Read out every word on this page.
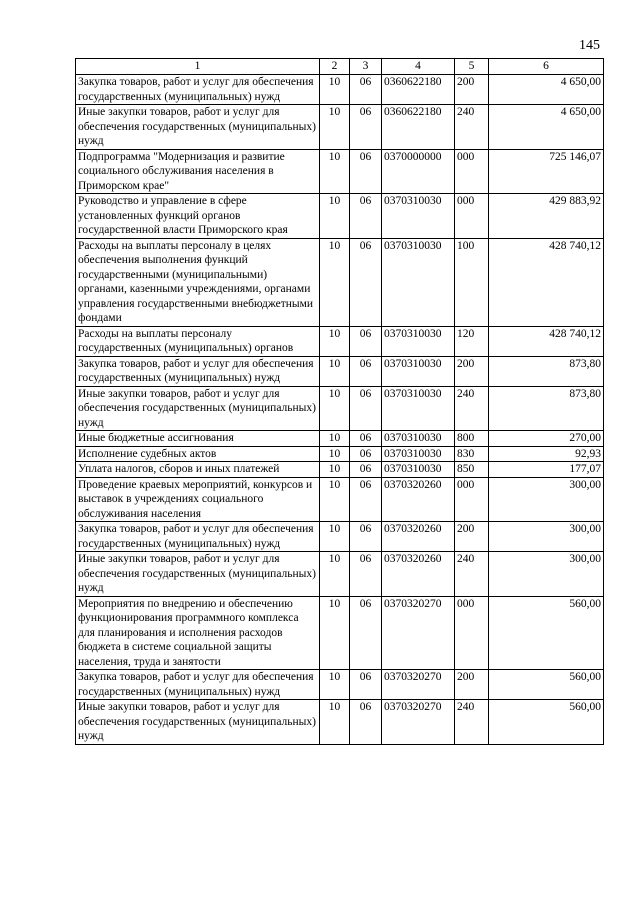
145
1	2	3	4	5	6
Закупка товаров, работ и услуг для обеспечения государственных (муниципальных) нужд	10	06	0360622180	200	4 650,00
Иные закупки товаров, работ и услуг для обеспечения государственных (муниципальных) нужд	10	06	0360622180	240	4 650,00
Подпрограмма "Модернизация и развитие социального обслуживания населения в Приморском крае"	10	06	0370000000	000	725 146,07
Руководство и управление в сфере установленных функций органов государственной власти Приморского края	10	06	0370310030	000	429 883,92
Расходы на выплаты персоналу в целях обеспечения выполнения функций государственными (муниципальными) органами, казенными учреждениями, органами управления государственными внебюджетными фондами	10	06	0370310030	100	428 740,12
Расходы на выплаты персоналу государственных (муниципальных) органов	10	06	0370310030	120	428 740,12
Закупка товаров, работ и услуг для обеспечения государственных (муниципальных) нужд	10	06	0370310030	200	873,80
Иные закупки товаров, работ и услуг для обеспечения государственных (муниципальных) нужд	10	06	0370310030	240	873,80
Иные бюджетные ассигнования	10	06	0370310030	800	270,00
Исполнение судебных актов	10	06	0370310030	830	92,93
Уплата налогов, сборов и иных платежей	10	06	0370310030	850	177,07
Проведение краевых мероприятий, конкурсов и выставок в учреждениях социального обслуживания населения	10	06	0370320260	000	300,00
Закупка товаров, работ и услуг для обеспечения государственных (муниципальных) нужд	10	06	0370320260	200	300,00
Иные закупки товаров, работ и услуг для обеспечения государственных (муниципальных) нужд	10	06	0370320260	240	300,00
Мероприятия по внедрению и обеспечению функционирования программного комплекса для планирования и исполнения расходов бюджета в системе социальной защиты населения, труда и занятости	10	06	0370320270	000	560,00
Закупка товаров, работ и услуг для обеспечения государственных (муниципальных) нужд	10	06	0370320270	200	560,00
Иные закупки товаров, работ и услуг для обеспечения государственных (муниципальных) нужд	10	06	0370320270	240	560,00
